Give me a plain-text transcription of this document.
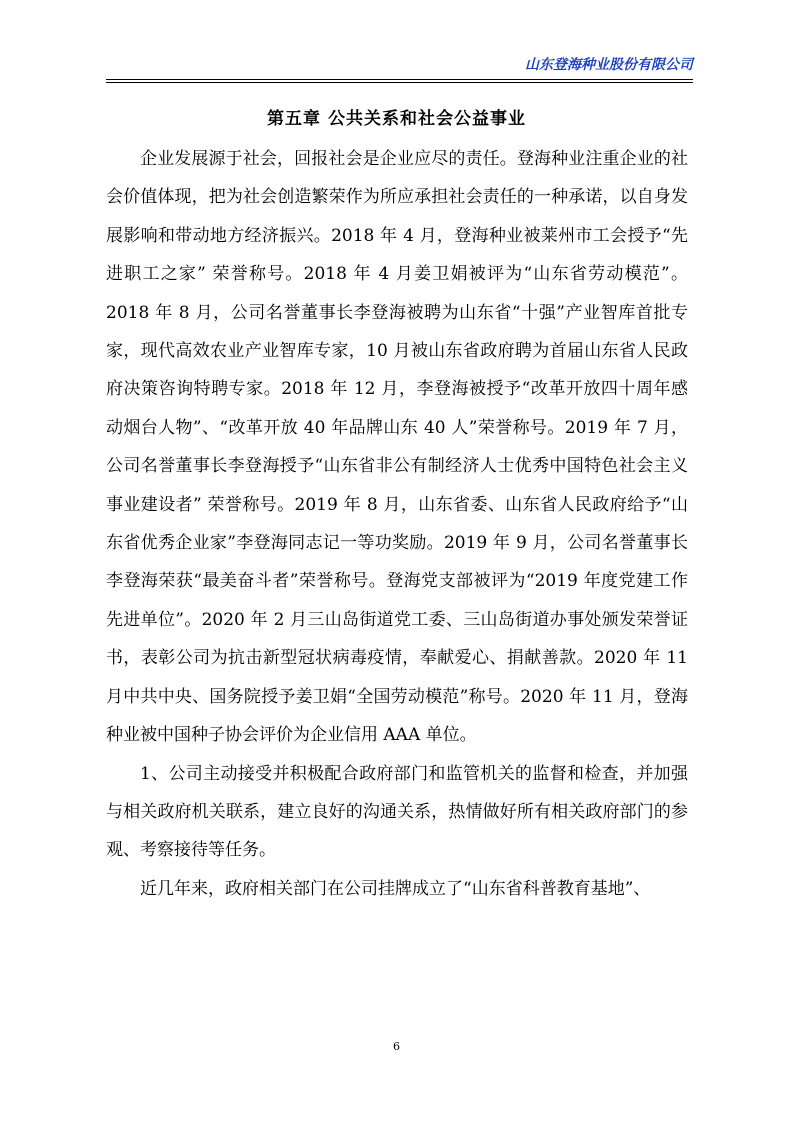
山东登海种业股份有限公司
第五章 公共关系和社会公益事业

企业发展源于社会，回报社会是企业应尽的责任。登海种业注重企业的社会价值体现，把为社会创造繁荣作为所应承担社会责任的一种承诺，以自身发展影响和带动地方经济振兴。2018 年 4 月，登海种业被莱州市工会授予“先进职工之家” 荣誉称号。2018 年 4 月姜卫娟被评为“山东省劳动模范”。2018 年 8 月，公司名誉董事长李登海被聘为山东省“十强”产业智库首批专家，现代高效农业产业智库专家，10 月被山东省政府聘为首届山东省人民政府决策咨询特聘专家。2018 年 12 月，李登海被授予“改革开放四十周年感动烟台人物”、“改革开放 40 年品牌山东 40 人”荣誉称号。2019 年 7 月，公司名誉董事长李登海授予“山东省非公有制经济人士优秀中国特色社会主义事业建设者” 荣誉称号。2019 年 8 月，山东省委、山东省人民政府给予“山东省优秀企业家”李登海同志记一等功奖励。2019 年 9 月，公司名誉董事长李登海荣获“最美奋斗者”荣誉称号。登海党支部被评为“2019 年度党建工作先进单位”。2020 年 2 月三山岛街道党工委、三山岛街道办事处颁发荣誉证书，表彰公司为抗击新型冠状病毒疫情，奉献爱心、捐献善款。2020 年 11 月中共中央、国务院授予姜卫娟“全国劳动模范”称号。2020 年 11 月，登海种业被中国种子协会评价为企业信用 AAA 单位。

1、公司主动接受并积极配合政府部门和监管机关的监督和检查，并加强与相关政府机关联系，建立良好的沟通关系，热情做好所有相关政府部门的参观、考察接待等任务。

近几年来，政府相关部门在公司挂牌成立了“山东省科普教育基地”、

6
